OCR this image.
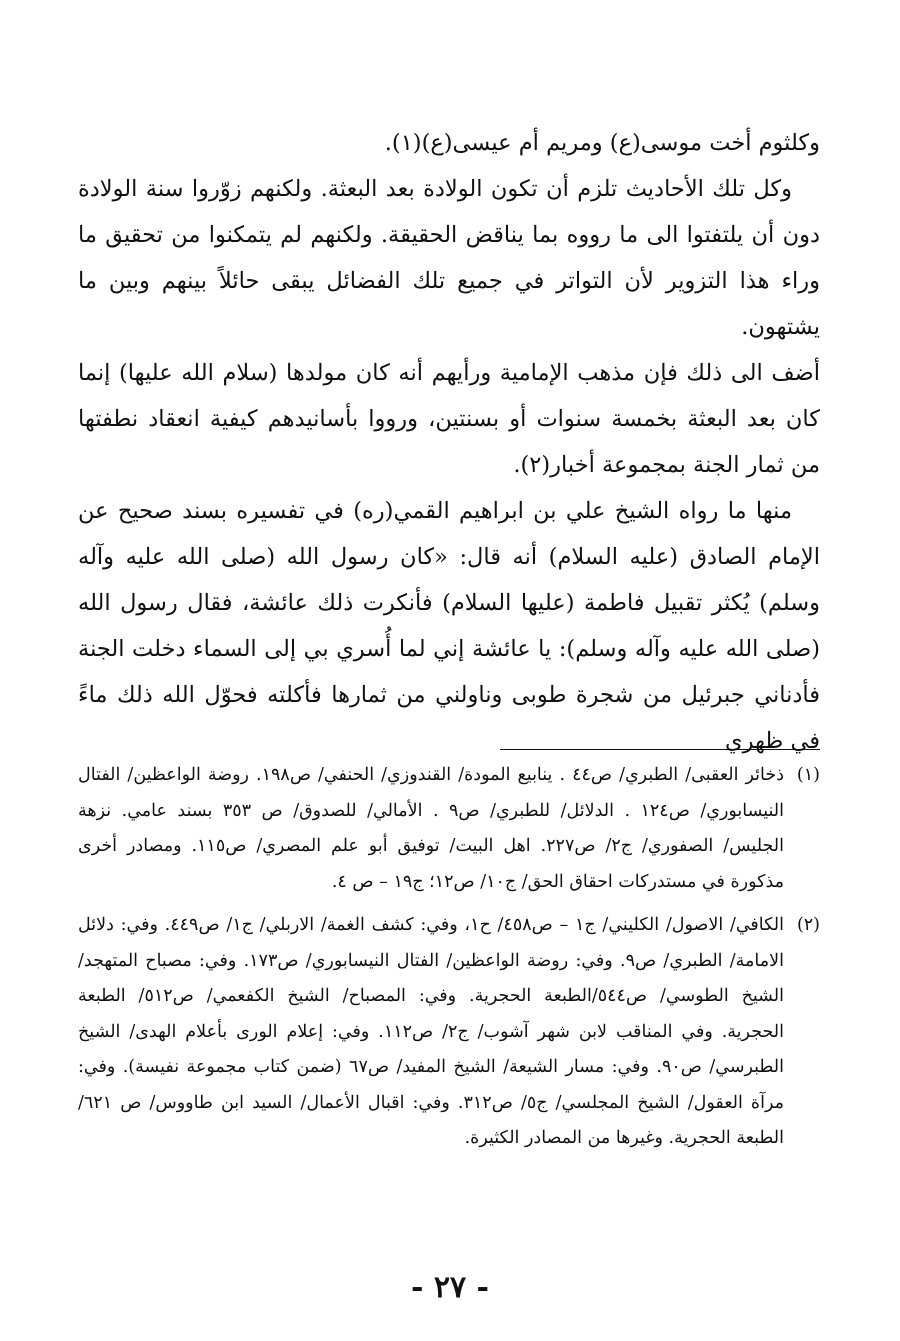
وكلثوم أخت موسى(ع) ومريم أم عيسى(ع)(١).

وكل تلك الأحاديث تلزم أن تكون الولادة بعد البعثة. ولكنهم زوّروا سنة الولادة دون أن يلتفتوا الى ما رووه بما يناقض الحقيقة. ولكنهم لم يتمكنوا من تحقيق ما وراء هذا التزوير لأن التواتر في جميع تلك الفضائل يبقى حائلاً بينهم وبين ما يشتهون.

أضف الى ذلك فإن مذهب الإمامية ورأيهم أنه كان مولدها (سلام الله عليها) إنما كان بعد البعثة بخمسة سنوات أو بسنتين، ورووا بأسانيدهم كيفية انعقاد نطفتها من ثمار الجنة بمجموعة أخبار(٢).

منها ما رواه الشيخ علي بن ابراهيم القمي(ره) في تفسيره بسند صحيح عن الإمام الصادق (عليه السلام) أنه قال: «كان رسول الله (صلى الله عليه وآله وسلم) يُكثر تقبيل فاطمة (عليها السلام) فأنكرت ذلك عائشة، فقال رسول الله (صلى الله عليه وآله وسلم): يا عائشة إني لما أُسري بي إلى السماء دخلت الجنة فأدناني جبرئيل من شجرة طوبى وناولني من ثمارها فأكلته فحوّل الله ذلك ماءً في ظهري

(١)ذخائر العقبى/ الطبري/ ص٤٤ . ينابيع المودة/ القندوزي/ الحنفي/ ص١٩٨. روضة الواعظين/ الفتال النيسابوري/ ص١٢٤ . الدلائل/ للطبري/ ص٩ . الأمالي/ للصدوق/ ص ٣٥٣ بسند عامي. نزهة الجليس/ الصفوري/ ج٢/ ص٢٢٧. اهل البيت/ توفيق أبو علم المصري/ ص١١٥. ومصادر أخرى مذكورة في مستدركات احقاق الحق/ ج١٠/ ص١٢؛ ج١٩ – ص ٤.

(٢)الكافي/ الاصول/ الكليني/ ج١ – ص٤٥٨/ ح١، وفي: كشف الغمة/ الاربلي/ ج١/ ص٤٤٩. وفي: دلائل الامامة/ الطبري/ ص٩. وفي: روضة الواعظين/ الفتال النيسابوري/ ص١٧٣. وفي: مصباح المتهجد/ الشيخ الطوسي/ ص٥٤٤/الطبعة الحجرية. وفي: المصباح/ الشيخ الكفعمي/ ص٥١٢/ الطبعة الحجرية. وفي المناقب لابن شهر آشوب/ ج٢/ ص١١٢. وفي: إعلام الورى بأعلام الهدى/ الشيخ الطبرسي/ ص٩٠. وفي: مسار الشيعة/ الشيخ المفيد/ ص٦٧ (ضمن كتاب مجموعة نفيسة). وفي: مرآة العقول/ الشيخ المجلسي/ ج٥/ ص٣١٢. وفي: اقبال الأعمال/ السيد ابن طاووس/ ص ٦٢١/ الطبعة الحجرية. وغيرها من المصادر الكثيرة.

- ٢٧ -
